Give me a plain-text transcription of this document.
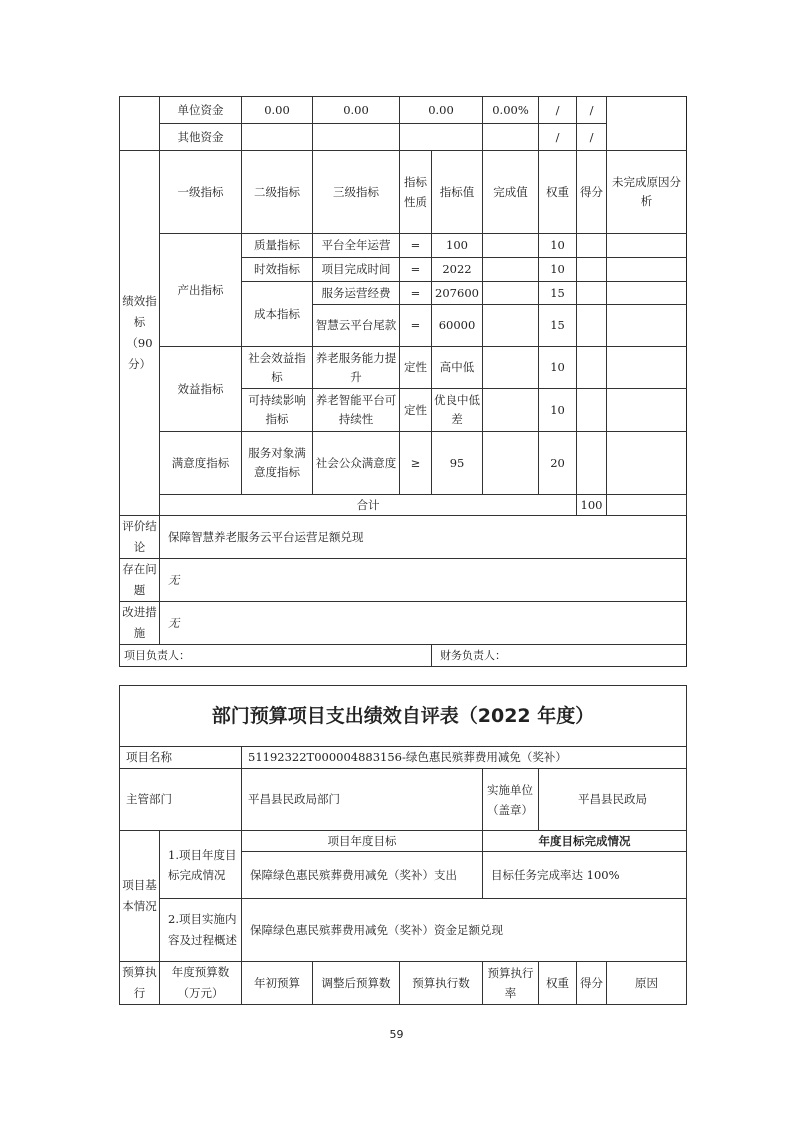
	单位资金	0.00	0.00	0.00		0.00%	/	/		
	其他资金						/	/		
绩效指标（90分）	一级指标	二级指标	三级指标	指标性质	指标值	完成值	权重	得分	未完成原因分析	
	产出指标	质量指标	平台全年运营	=	100		10			
		时效指标	项目完成时间	=	2022		10			
		成本指标	服务运营经费	=	207600		15			
			智慧云平台尾款	=	60000		15			
	效益指标	社会效益指标	养老服务能力提升	定性	高中低		10			
		可持续影响指标	养老智能平台可持续性	定性	优良中低差		10			
	满意度指标	服务对象满意度指标	社会公众满意度	≥	95		20			
	合计							100		
评价结论	保障智慧养老服务云平台运营足额兑现									
存在问题	无									
改进措施	无									
项目负责人：					财务负责人：					
部门预算项目支出绩效自评表（2022 年度）								
项目名称		51192322T000004883156-绿色惠民殡葬费用减免（奖补）						
主管部门		平昌县民政局部门			实施单位（盖章）	平昌县民政局		
项目基本情况	1.项目年度目标完成情况	项目年度目标			年度目标完成情况			
		保障绿色惠民殡葬费用减免（奖补）支出			目标任务完成率达 100%			
	2.项目实施内容及过程概述	保障绿色惠民殡葬费用减免（奖补）资金足额兑现						
预算执行	年度预算数（万元）	年初预算	调整后预算数	预算执行数	预算执行率	权重	得分	原因
59
